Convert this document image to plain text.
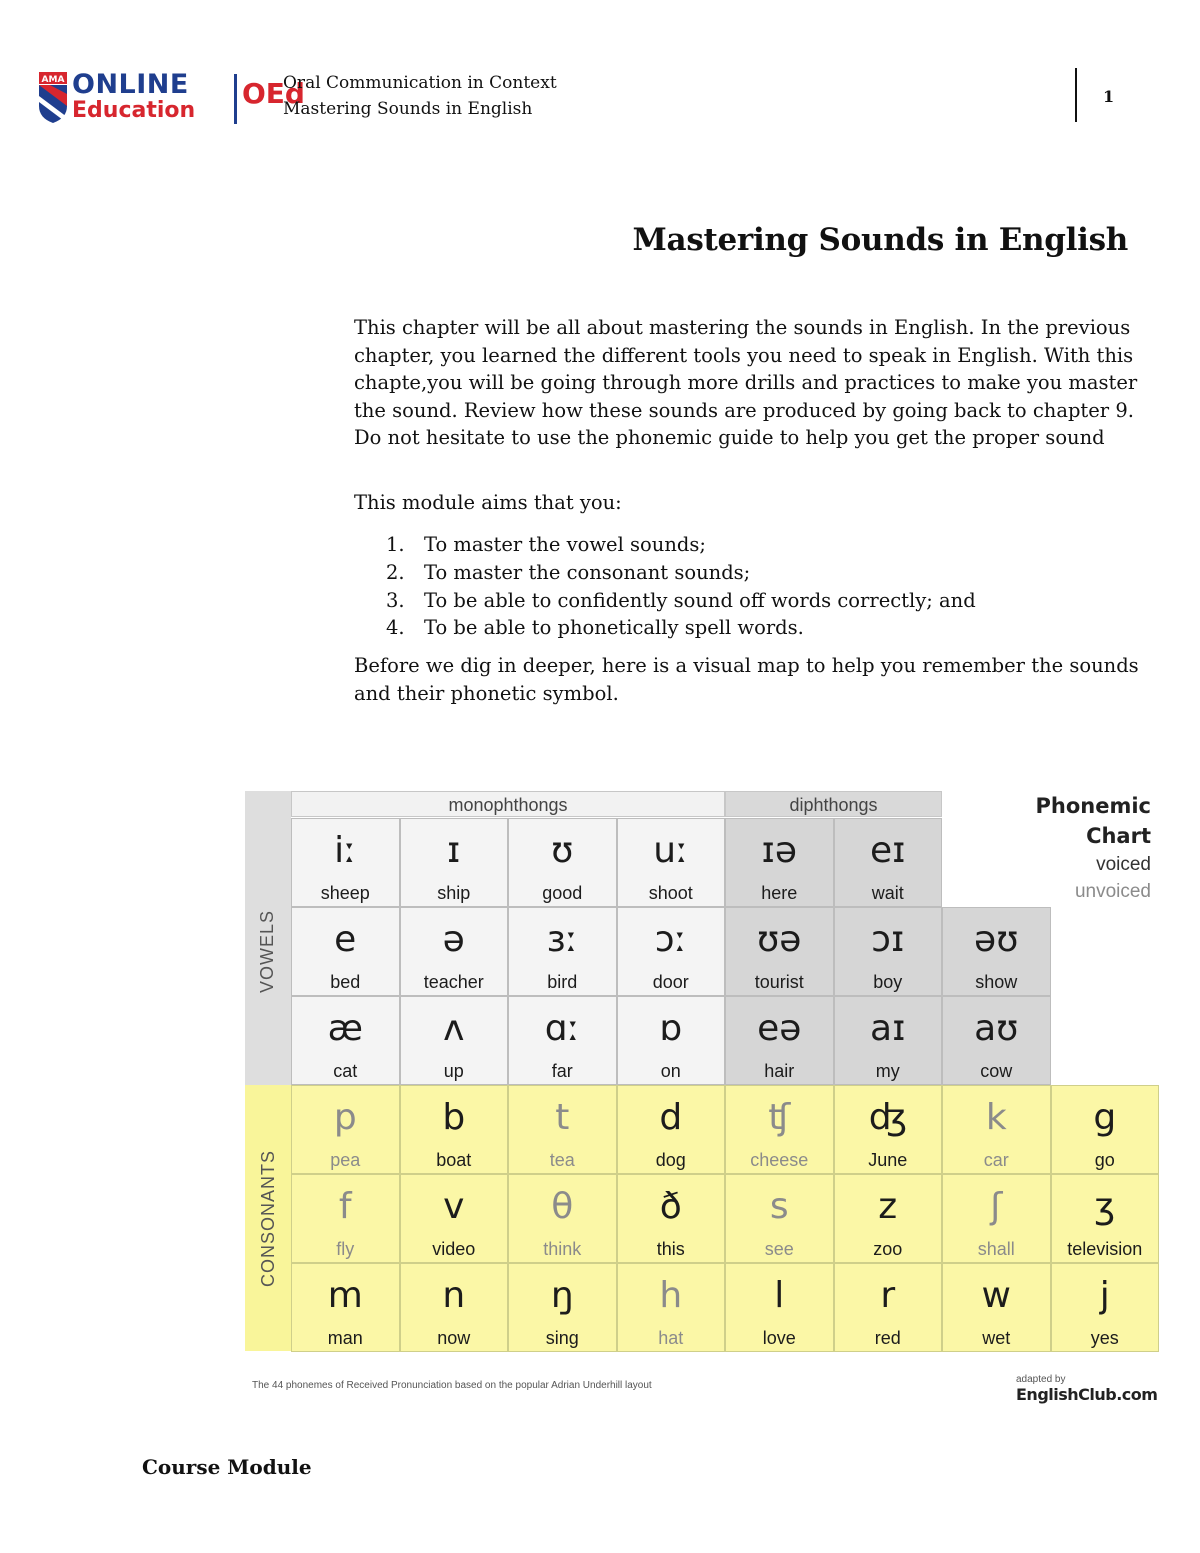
AMA ONLINE
Education
OEd
Oral Communication in Context
Mastering Sounds in English
1
Mastering Sounds in English

This chapter will be all about mastering the sounds in English. In the previous chapter, you learned the different tools you need to speak in English. With this chapte,you will be going through more drills and practices to make you master the sound. Review how these sounds are produced by going back to chapter 9. Do not hesitate to use the phonemic guide to help you get the proper sound

This module aims that you:

1. To master the vowel sounds;
2. To master the consonant sounds;
3. To be able to confidently sound off words correctly; and
4. To be able to phonetically spell words.

Before we dig in deeper, here is a visual map to help you remember the sounds and their phonetic symbol.

VOWELS
CONSONANTS
monophthongs	diphthongs	Phonemic
Chart
voiced
unvoiced
iː
sheep
ɪ
ship
ʊ
good
uː
shoot
ɪə
here
eɪ
wait
e
bed
ə
teacher
ɜː
bird
ɔː
door
ʊə
tourist
ɔɪ
boy
əʊ
show
æ
cat
ʌ
up
ɑː
far
ɒ
on
eə
hair
aɪ
my
aʊ
cow
p
pea
b
boat
t
tea
d
dog
ʧ
cheese
ʤ
June
k
car
g
go
f
fly
v
video
θ
think
ð
this
s
see
z
zoo
ʃ
shall
ʒ
television
m
man
n
now
ŋ
sing
h
hat
l
love
r
red
w
wet
j
yes
The 44 phonemes of Received Pronunciation based on the popular Adrian Underhill layout
adapted by EnglishClub.com
Course Module
